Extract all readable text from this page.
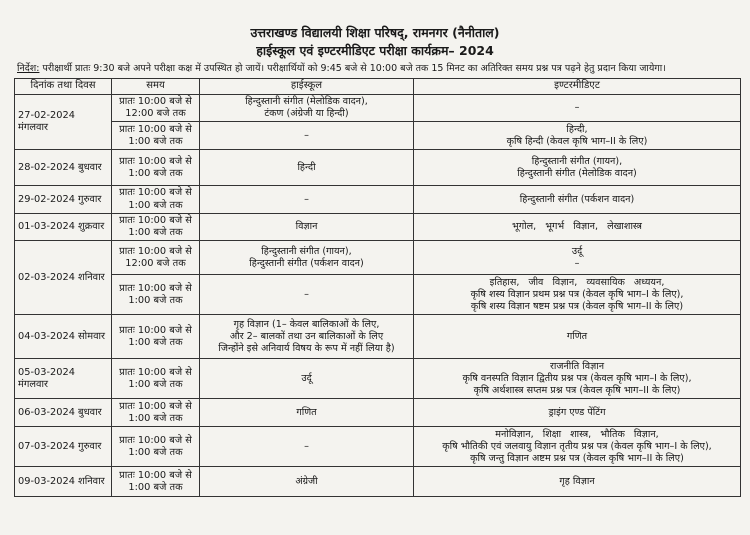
उत्तराखण्ड विद्यालयी शिक्षा परिषद्, रामनगर (नैनीताल)
हाईस्कूल एवं इण्टरमीडिएट परीक्षा कार्यक्रम– 2024
निर्देश: परीक्षार्थी प्रातः 9:30 बजे अपने परीक्षा कक्ष में उपस्थित हो जायें। परीक्षार्थियों को 9:45 बजे से 10:00 बजे तक 15 मिनट का अतिरिक्त समय प्रश्न पत्र पढ़ने हेतु प्रदान किया जायेगा।
दिनांक तथा दिवस	समय	हाईस्कूल	इण्टरमीडिएट
27-02-2024 मंगलवार	प्रातः 10:00 बजे से
12:00 बजे तक	हिन्दुस्तानी संगीत (मेलोडिक वादन),
टंकण (अंग्रेजी या हिन्दी)	–

	प्रातः 10:00 बजे से
1:00 बजे तक	–	हिन्दी,
कृषि हिन्दी (केवल कृषि भाग–II के लिए)

28-02-2024 बुधवार	प्रातः 10:00 बजे से
1:00 बजे तक	हिन्दी	हिन्दुस्तानी संगीत (गायन),
हिन्दुस्तानी संगीत (मेलोडिक वादन)

29-02-2024 गुरुवार	प्रातः 10:00 बजे से
1:00 बजे तक	–	हिन्दुस्तानी संगीत (पर्कशन वादन)

01-03-2024 शुक्रवार	प्रातः 10:00 बजे से
1:00 बजे तक	विज्ञान	भूगोल, भूगर्भ विज्ञान, लेखाशास्त्र

02-03-2024 शनिवार	प्रातः 10:00 बजे से
12:00 बजे तक	हिन्दुस्तानी संगीत (गायन),
हिन्दुस्तानी संगीत (पर्कशन वादन)	उर्दू
–

	प्रातः 10:00 बजे से
1:00 बजे तक	–	इतिहास, जीव विज्ञान, व्यवसायिक अध्ययन,
कृषि शस्य विज्ञान प्रथम प्रश्न पत्र (केवल कृषि भाग–I के लिए),
कृषि शस्य विज्ञान षष्टम प्रश्न पत्र (केवल कृषि भाग–II के लिए)

04-03-2024 सोमवार	प्रातः 10:00 बजे से
1:00 बजे तक	गृह विज्ञान (1– केवल बालिकाओं के लिए,
और 2– बालकों तथा उन बालिकाओं के लिए
जिन्होंने इसे अनिवार्य विषय के रूप में नहीं लिया है)	गणित

05-03-2024 मंगलवार	प्रातः 10:00 बजे से
1:00 बजे तक	उर्दू	राजनीति विज्ञान
कृषि वनस्पति विज्ञान द्वितीय प्रश्न पत्र (केवल कृषि भाग–I के लिए),
कृषि अर्थशास्त्र सप्तम प्रश्न पत्र (केवल कृषि भाग–II के लिए)

06-03-2024 बुधवार	प्रातः 10:00 बजे से
1:00 बजे तक	गणित	ड्राइंग एण्ड पेंटिंग

07-03-2024 गुरुवार	प्रातः 10:00 बजे से
1:00 बजे तक	–	मनोविज्ञान, शिक्षा शास्त्र, भौतिक विज्ञान,
कृषि भौतिकी एवं जलवायु विज्ञान तृतीय प्रश्न पत्र (केवल कृषि भाग–I के लिए),
कृषि जन्तु विज्ञान अष्टम प्रश्न पत्र (केवल कृषि भाग–II के लिए)

09-03-2024 शनिवार	प्रातः 10:00 बजे से
1:00 बजे तक	अंग्रेजी	गृह विज्ञान
